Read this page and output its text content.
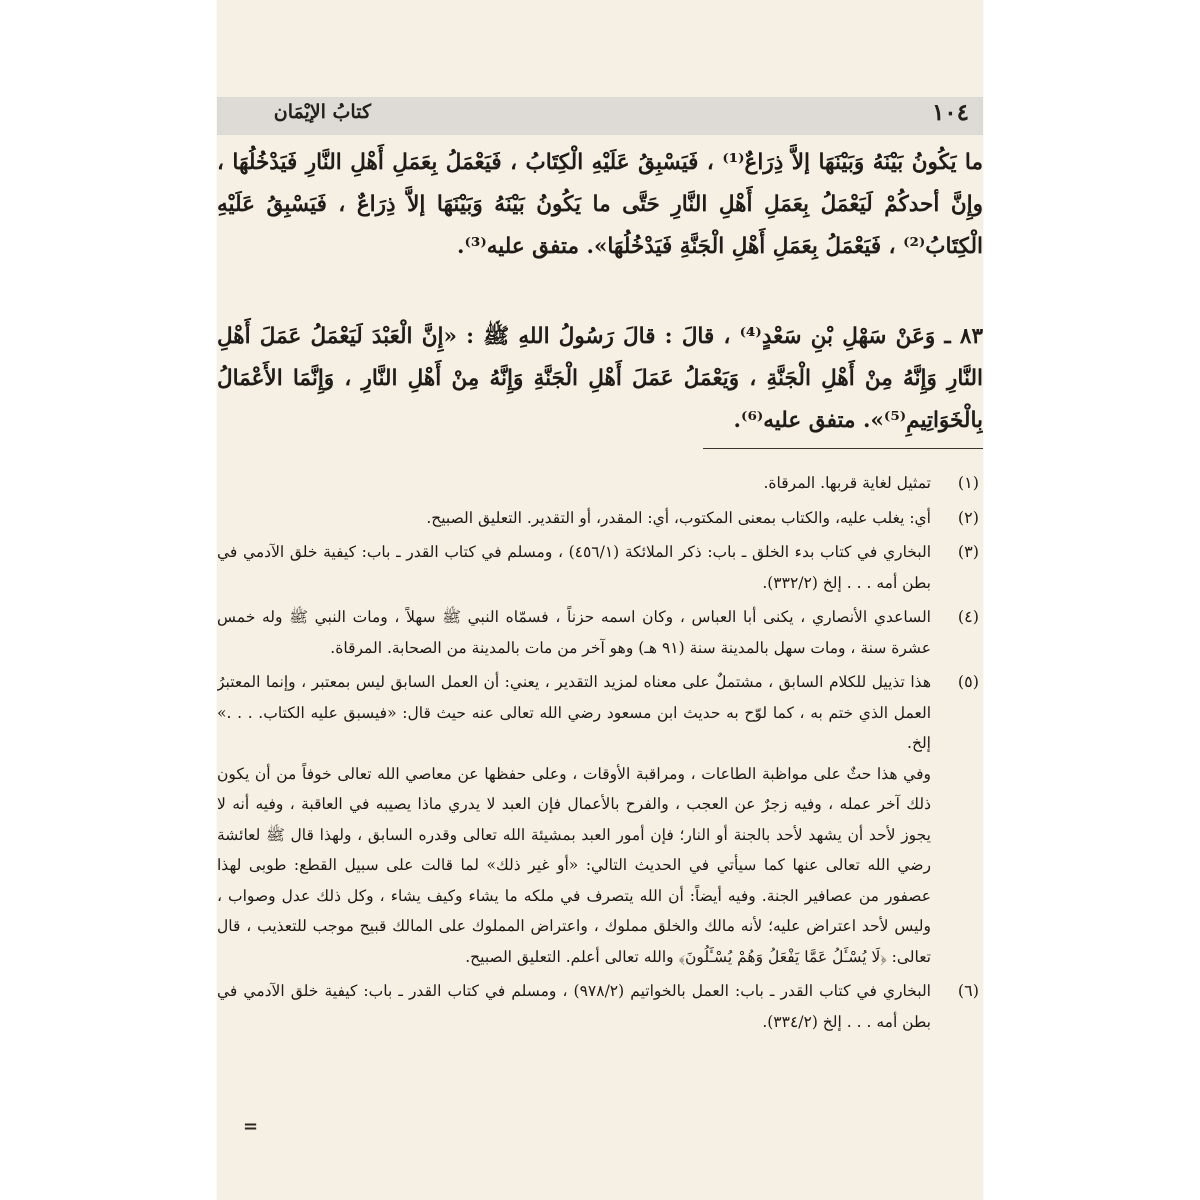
كتابُ الإيْمَان	١٠٤
ما يَكُونُ بَيْنَهُ وَبَيْنَهَا إلاَّ ذِرَاعٌ⁽¹⁾ ، فَيَسْبِقُ عَلَيْهِ الْكِتَابُ ، فَيَعْمَلُ بِعَمَلِ أَهْلِ النَّارِ فَيَدْخُلُهَا ، وإِنَّ أحدكُمْ لَيَعْمَلُ بِعَمَلِ أَهْلِ النَّارِ حَتَّى ما يَكُونُ بَيْنَهُ وَبَيْنَهَا إلاَّ ذِرَاعٌ ، فَيَسْبِقُ عَلَيْهِ الْكِتَابُ⁽²⁾ ، فَيَعْمَلُ بِعَمَلِ أَهْلِ الْجَنَّةِ فَيَدْخُلُهَا». متفق عليه⁽³⁾.
٨٣ ـ وَعَنْ سَهْلِ بْنِ سَعْدٍ⁽⁴⁾ ، قالَ : قالَ رَسُولُ اللهِ ﷺ : «إِنَّ الْعَبْدَ لَيَعْمَلُ عَمَلَ أَهْلِ النَّارِ وَإِنَّهُ مِنْ أَهْلِ الْجَنَّةِ ، وَيَعْمَلُ عَمَلَ أَهْلِ الْجَنَّةِ وَإِنَّهُ مِنْ أَهْلِ النَّارِ ، وَإِنَّمَا الأَعْمَالُ بِالْخَوَاتِيمِ⁽⁵⁾». متفق عليه⁽⁶⁾.
(١)

تمثيل لغاية قربها. المرقاة.

(٢)

أي: يغلب عليه، والكتاب بمعنى المكتوب، أي: المقدر، أو التقدير. التعليق الصبيح.

(٣)

البخاري في كتاب بدء الخلق ـ باب: ذكر الملائكة (٤٥٦/١) ، ومسلم في كتاب القدر ـ باب: كيفية خلق الآدمي في بطن أمه . . . إلخ (٣٣٢/٢).

(٤)

الساعدي الأنصاري ، يكنى أبا العباس ، وكان اسمه حزناً ، فسمّاه النبي ﷺ سهلاً ، ومات النبي ﷺ وله خمس عشرة سنة ، ومات سهل بالمدينة سنة (٩١ هـ) وهو آخر من مات بالمدينة من الصحابة. المرقاة.

(٥)

هذا تذييل للكلام السابق ، مشتملٌ على معناه لمزيد التقدير ، يعني: أن العمل السابق ليس بمعتبر ، وإنما المعتبرُ العمل الذي ختم به ، كما لوّح به حديث ابن مسعود رضي الله تعالى عنه حيث قال: «فيسبق عليه الكتاب. . . .» إلخ.

وفي هذا حثٌ على مواظبة الطاعات ، ومراقبة الأوقات ، وعلى حفظها عن معاصي الله تعالى خوفاً من أن يكون ذلك آخر عمله ، وفيه زجرٌ عن العجب ، والفرح بالأعمال فإن العبد لا يدري ماذا يصيبه في العاقبة ، وفيه أنه لا يجوز لأحد أن يشهد لأحد بالجنة أو النار؛ فإن أمور العبد بمشيئة الله تعالى وقدره السابق ، ولهذا قال ﷺ لعائشة رضي الله تعالى عنها كما سيأتي في الحديث التالي: «أو غير ذلك» لما قالت على سبيل القطع: طوبى لهذا عصفور من عصافير الجنة. وفيه أيضاً: أن الله يتصرف في ملكه ما يشاء وكيف يشاء ، وكل ذلك عدل وصواب ، وليس لأحد اعتراض عليه؛ لأنه مالك والخلق مملوك ، واعتراض المملوك على المالك قبيح موجب للتعذيب ، قال تعالى: ﴿لَا يُسْـَٔلُ عَمَّا يَفْعَلُ وَهُمْ يُسْـَٔلُونَ﴾ والله تعالى أعلم. التعليق الصبيح.

(٦)

البخاري في كتاب القدر ـ باب: العمل بالخواتيم (٩٧٨/٢) ، ومسلم في كتاب القدر ـ باب: كيفية خلق الآدمي في بطن أمه . . . إلخ (٣٣٤/٢).

=
